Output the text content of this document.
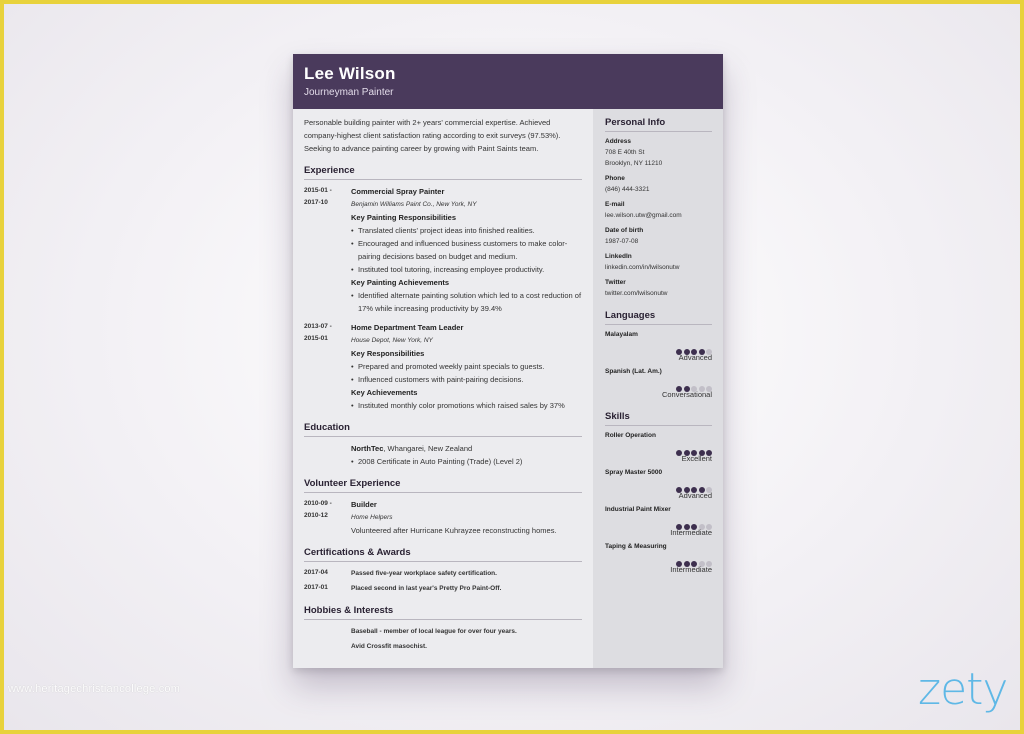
Lee Wilson
Journeyman Painter
Personable building painter with 2+ years' commercial expertise. Achieved company-highest client satisfaction rating according to exit surveys (97.53%). Seeking to advance painting career by growing with Paint Saints team.
Experience
2015-01 -
2017-10
Commercial Spray Painter
Benjamin Williams Paint Co., New York, NY
Key Painting Responsibilities
• Translated clients' project ideas into finished realities.
• Encouraged and influenced business customers to make color-pairing decisions based on budget and medium.
• Instituted tool tutoring, increasing employee productivity.
Key Painting Achievements
• Identified alternate painting solution which led to a cost reduction of 17% while increasing productivity by 39.4%
2013-07 -
2015-01
Home Department Team Leader
House Depot, New York, NY
Key Responsibilities
• Prepared and promoted weekly paint specials to guests.
• Influenced customers with paint-pairing decisions.
Key Achievements
• Instituted monthly color promotions which raised sales by 37%
Education
NorthTec, Whangarei, New Zealand
• 2008 Certificate in Auto Painting (Trade) (Level 2)
Volunteer Experience
2010-09 -
2010-12
Builder
Home Helpers
Volunteered after Hurricane Kuhrayzee reconstructing homes.
Certifications & Awards
2017-04	Passed five-year workplace safety certification.
2017-01	Placed second in last year's Pretty Pro Paint-Off.
Hobbies & Interests
Baseball - member of local league for over four years.
Avid Crossfit masochist.
Personal Info
Address
708 E 40th St
Brooklyn, NY 11210
Phone
(846) 444-3321
E-mail
lee.wilson.utw@gmail.com
Date of birth
1987-07-08
LinkedIn
linkedin.com/in/lwilsonutw
Twitter
twitter.com/lwilsonutw
Languages
Malayalam
Advanced
Spanish (Lat. Am.)
Conversational
Skills
Roller Operation
Excellent
Spray Master 5000
Advanced
Industrial Paint Mixer
Intermediate
Taping & Measuring
Intermediate
www.heritagechristiancollege.com	zety
